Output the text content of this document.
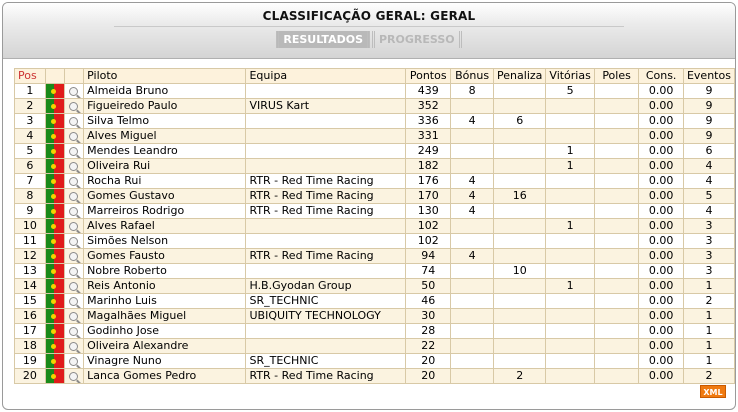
CLASSIFICAÇÃO GERAL: GERAL
RESULTADOS	PROGRESSO
Pos			Piloto	Equipa	Pontos	Bónus	Penaliza	Vitórias	Poles	Cons.	Eventos
1			Almeida Bruno		439	8		5		0.00	9
2			Figueiredo Paulo	VIRUS Kart	352					0.00	9
3			Silva Telmo		336	4	6			0.00	9
4			Alves Miguel		331					0.00	9
5			Mendes Leandro		249			1		0.00	6
6			Oliveira Rui		182			1		0.00	4
7			Rocha Rui	RTR - Red Time Racing	176	4				0.00	4
8			Gomes Gustavo	RTR - Red Time Racing	170	4	16			0.00	5
9			Marreiros Rodrigo	RTR - Red Time Racing	130	4				0.00	4
10			Alves Rafael		102			1		0.00	3
11			Simões Nelson		102					0.00	3
12			Gomes Fausto	RTR - Red Time Racing	94	4				0.00	3
13			Nobre Roberto		74		10			0.00	3
14			Reis Antonio	H.B.Gyodan Group	50			1		0.00	1
15			Marinho Luis	SR_TECHNIC	46					0.00	2
16			Magalhães Miguel	UBIQUITY TECHNOLOGY	30					0.00	1
17			Godinho Jose		28					0.00	1
18			Oliveira Alexandre		22					0.00	1
19			Vinagre Nuno	SR_TECHNIC	20					0.00	1
20			Lanca Gomes Pedro	RTR - Red Time Racing	20		2			0.00	2
XML
